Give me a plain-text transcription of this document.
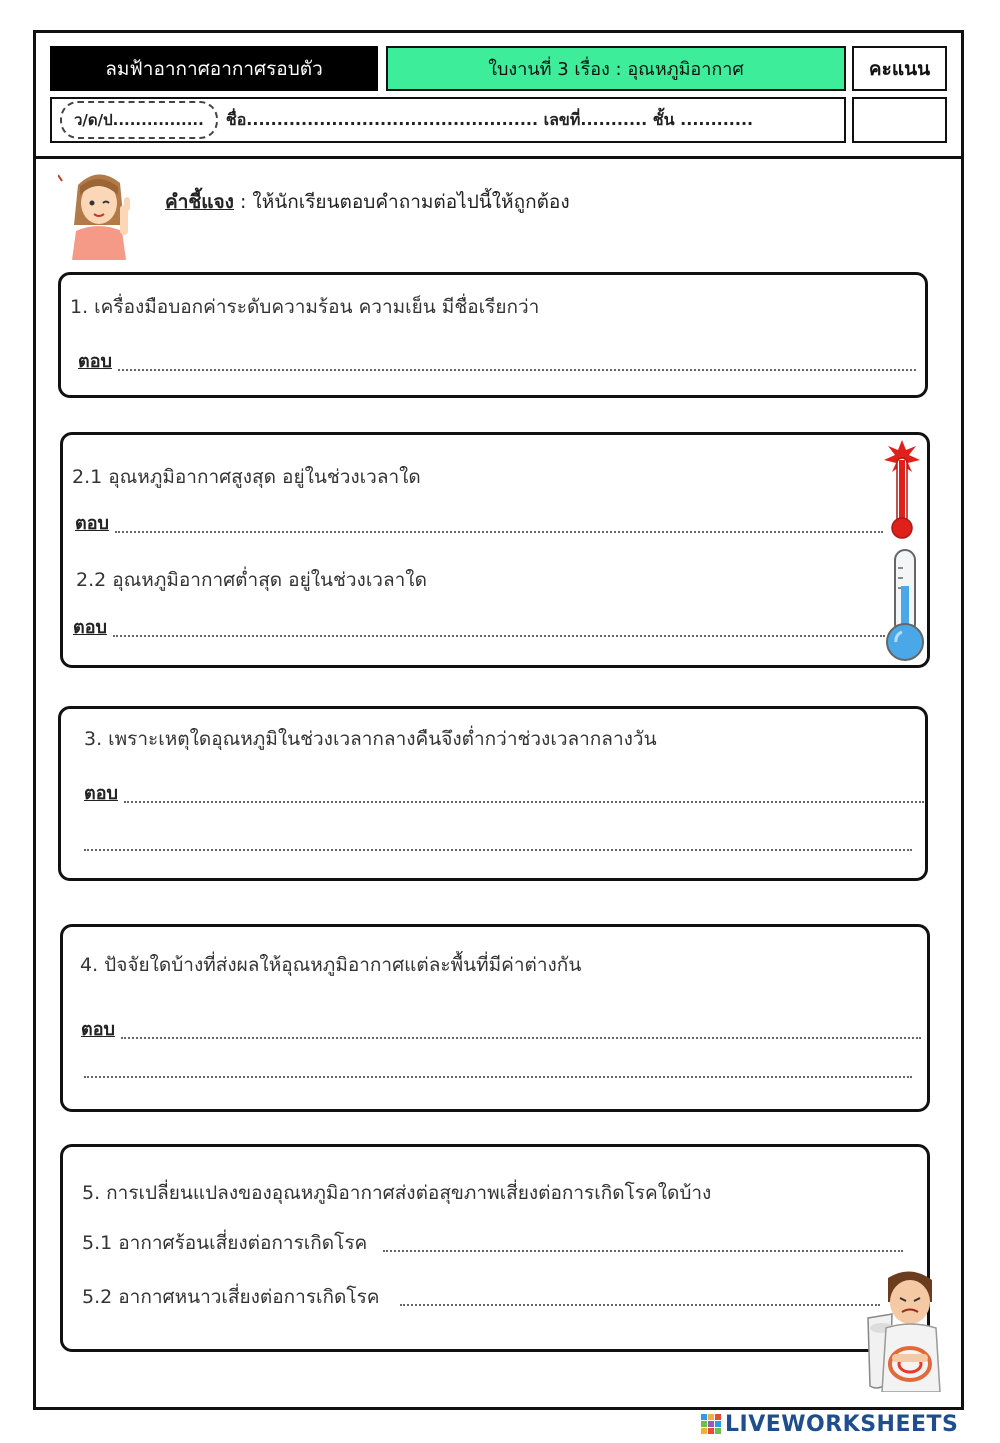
ลมฟ้าอากาศอากาศรอบตัว	ใบงานที่ 3 เรื่อง : อุณหภูมิอากาศ	คะแนน
ว/ด/ป................	ชื่อ................................................ เลขที่........... ชั้น ............
คำชี้แจง : ให้นักเรียนตอบคำถามต่อไปนี้ให้ถูกต้อง
1. เครื่องมือบอกค่าระดับความร้อน ความเย็น มีชื่อเรียกว่า
ตอบ
2.1 อุณหภูมิอากาศสูงสุด อยู่ในช่วงเวลาใด
ตอบ
2.2 อุณหภูมิอากาศต่ำสุด อยู่ในช่วงเวลาใด
ตอบ
3. เพราะเหตุใดอุณหภูมิในช่วงเวลากลางคืนจึงต่ำกว่าช่วงเวลากลางวัน
ตอบ
4. ปัจจัยใดบ้างที่ส่งผลให้อุณหภูมิอากาศแต่ละพื้นที่มีค่าต่างกัน
ตอบ
5. การเปลี่ยนแปลงของอุณหภูมิอากาศส่งต่อสุขภาพเสี่ยงต่อการเกิดโรคใดบ้าง
5.1 อากาศร้อนเสี่ยงต่อการเกิดโรค
5.2 อากาศหนาวเสี่ยงต่อการเกิดโรค
LIVEWORKSHEETS
